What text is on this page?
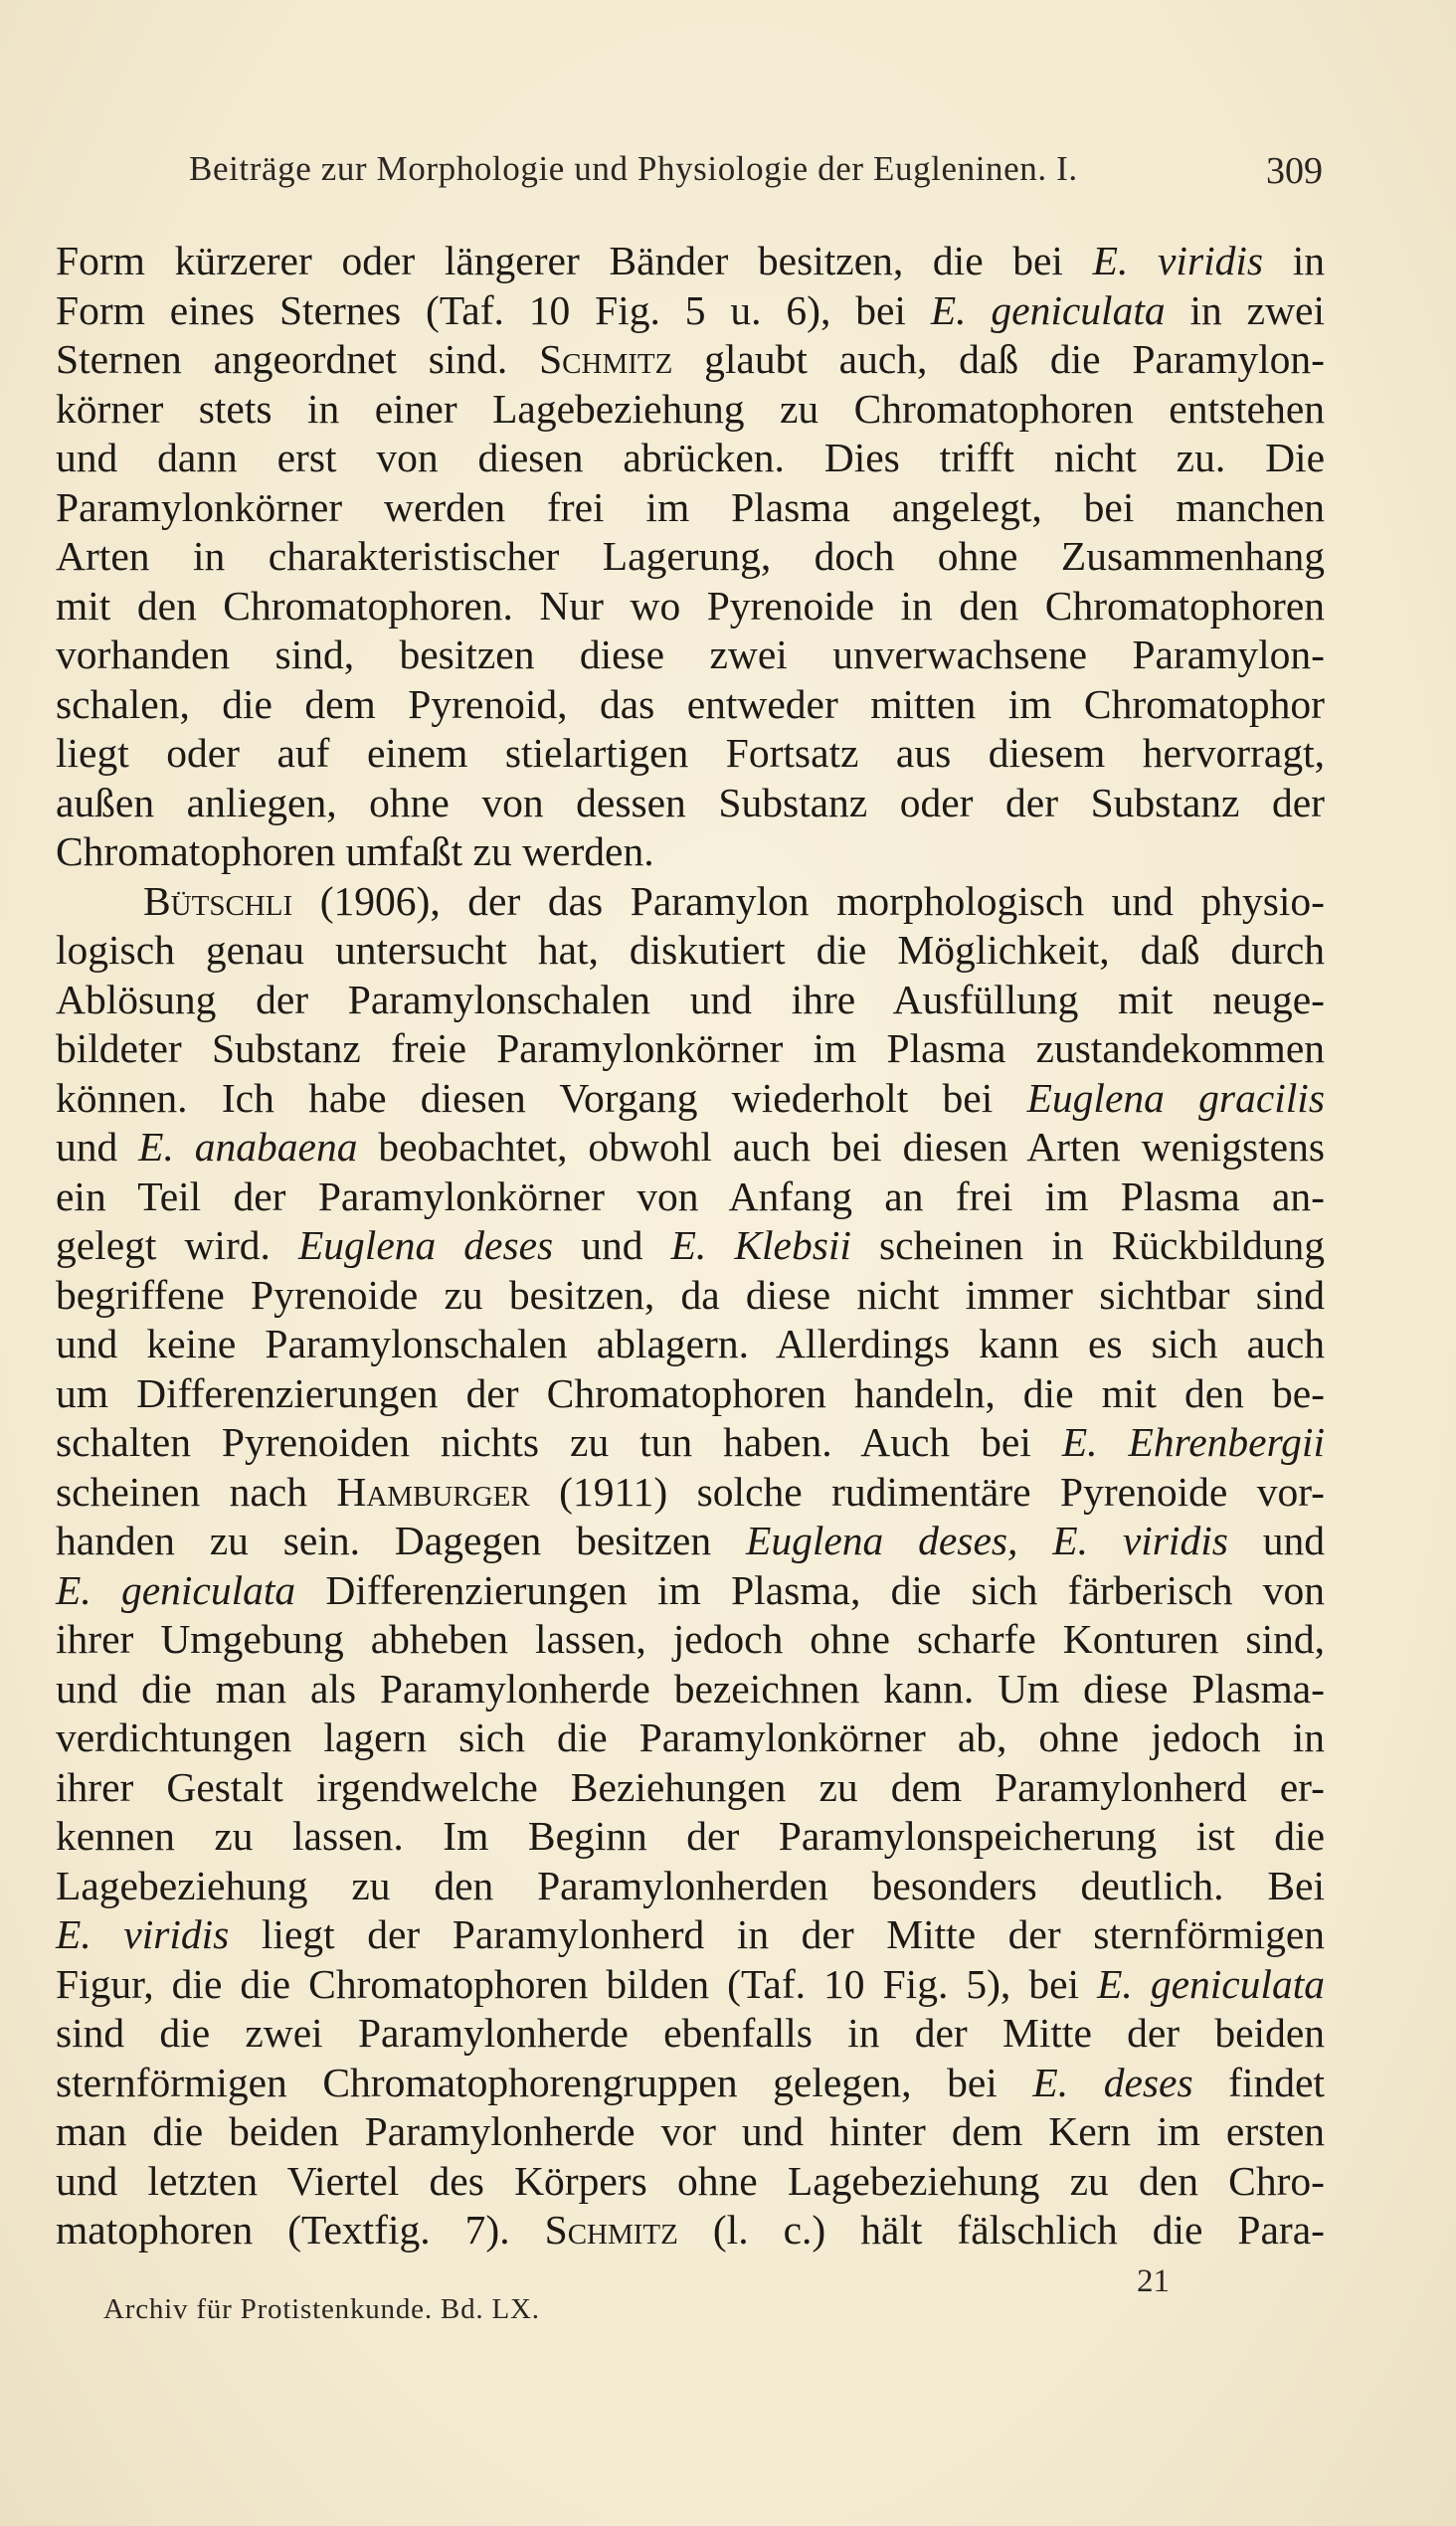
Beiträge zur Morphologie und Physiologie der Eugleninen. I.	309
Form kürzerer oder längerer Bänder besitzen, die bei E. viridis in
Form eines Sternes (Taf. 10 Fig. 5 u. 6), bei E. geniculata in zwei
Sternen angeordnet sind. Schmitz glaubt auch, daß die Paramylon-
körner stets in einer Lagebeziehung zu Chromatophoren entstehen
und dann erst von diesen abrücken. Dies trifft nicht zu. Die
Paramylonkörner werden frei im Plasma angelegt, bei manchen
Arten in charakteristischer Lagerung, doch ohne Zusammenhang
mit den Chromatophoren. Nur wo Pyrenoide in den Chromatophoren
vorhanden sind, besitzen diese zwei unverwachsene Paramylon-
schalen, die dem Pyrenoid, das entweder mitten im Chromatophor
liegt oder auf einem stielartigen Fortsatz aus diesem hervorragt,
außen anliegen, ohne von dessen Substanz oder der Substanz der
Chromatophoren umfaßt zu werden.
Bütschli (1906), der das Paramylon morphologisch und physio-
logisch genau untersucht hat, diskutiert die Möglichkeit, daß durch
Ablösung der Paramylonschalen und ihre Ausfüllung mit neuge-
bildeter Substanz freie Paramylonkörner im Plasma zustandekommen
können. Ich habe diesen Vorgang wiederholt bei Euglena gracilis
und E. anabaena beobachtet, obwohl auch bei diesen Arten wenigstens
ein Teil der Paramylonkörner von Anfang an frei im Plasma an-
gelegt wird. Euglena deses und E. Klebsii scheinen in Rückbildung
begriffene Pyrenoide zu besitzen, da diese nicht immer sichtbar sind
und keine Paramylonschalen ablagern. Allerdings kann es sich auch
um Differenzierungen der Chromatophoren handeln, die mit den be-
schalten Pyrenoiden nichts zu tun haben. Auch bei E. Ehrenbergii
scheinen nach Hamburger (1911) solche rudimentäre Pyrenoide vor-
handen zu sein. Dagegen besitzen Euglena deses, E. viridis und
E. geniculata Differenzierungen im Plasma, die sich färberisch von
ihrer Umgebung abheben lassen, jedoch ohne scharfe Konturen sind,
und die man als Paramylonherde bezeichnen kann. Um diese Plasma-
verdichtungen lagern sich die Paramylonkörner ab, ohne jedoch in
ihrer Gestalt irgendwelche Beziehungen zu dem Paramylonherd er-
kennen zu lassen. Im Beginn der Paramylonspeicherung ist die
Lagebeziehung zu den Paramylonherden besonders deutlich. Bei
E. viridis liegt der Paramylonherd in der Mitte der sternförmigen
Figur, die die Chromatophoren bilden (Taf. 10 Fig. 5), bei E. geniculata
sind die zwei Paramylonherde ebenfalls in der Mitte der beiden
sternförmigen Chromatophorengruppen gelegen, bei E. deses findet
man die beiden Paramylonherde vor und hinter dem Kern im ersten
und letzten Viertel des Körpers ohne Lagebeziehung zu den Chro-
matophoren (Textfig. 7). Schmitz (l. c.) hält fälschlich die Para-
Archiv für Protistenkunde. Bd. LX.
21
